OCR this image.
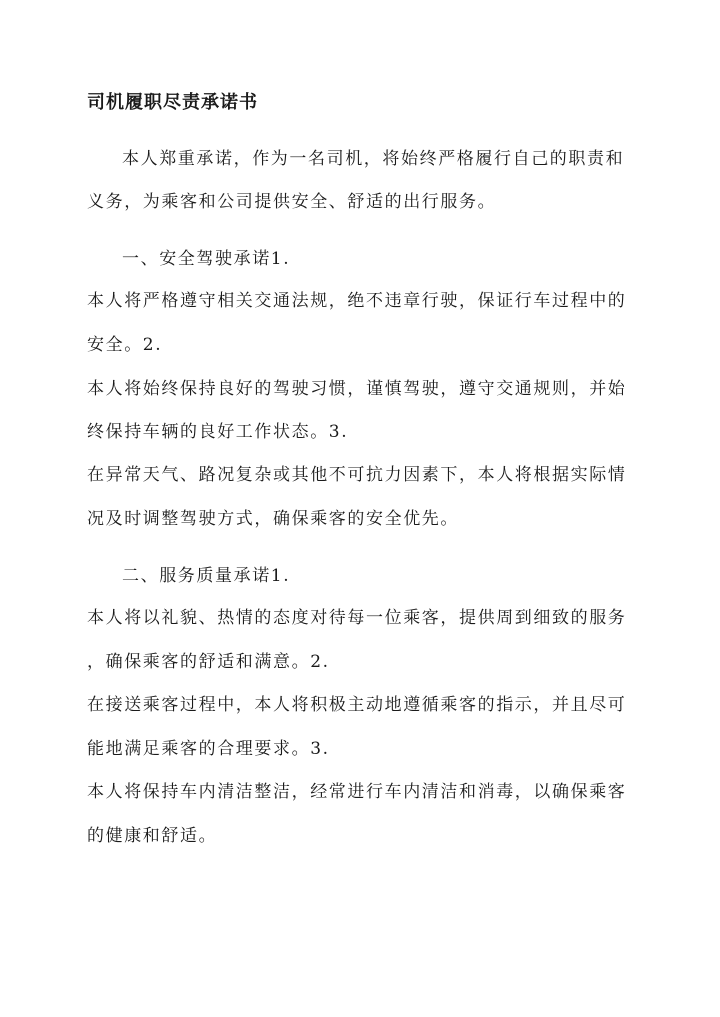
司机履职尽责承诺书
本人郑重承诺，作为一名司机，将始终严格履行自己的职责和
义务，为乘客和公司提供安全、舒适的出行服务。
一、安全驾驶承诺1.
本人将严格遵守相关交通法规，绝不违章行驶，保证行车过程中的
安全。2.
本人将始终保持良好的驾驶习惯，谨慎驾驶，遵守交通规则，并始
终保持车辆的良好工作状态。3.
在异常天气、路况复杂或其他不可抗力因素下，本人将根据实际情
况及时调整驾驶方式，确保乘客的安全优先。
二、服务质量承诺1.
本人将以礼貌、热情的态度对待每一位乘客，提供周到细致的服务
，确保乘客的舒适和满意。2.
在接送乘客过程中，本人将积极主动地遵循乘客的指示，并且尽可
能地满足乘客的合理要求。3.
本人将保持车内清洁整洁，经常进行车内清洁和消毒，以确保乘客
的健康和舒适。
